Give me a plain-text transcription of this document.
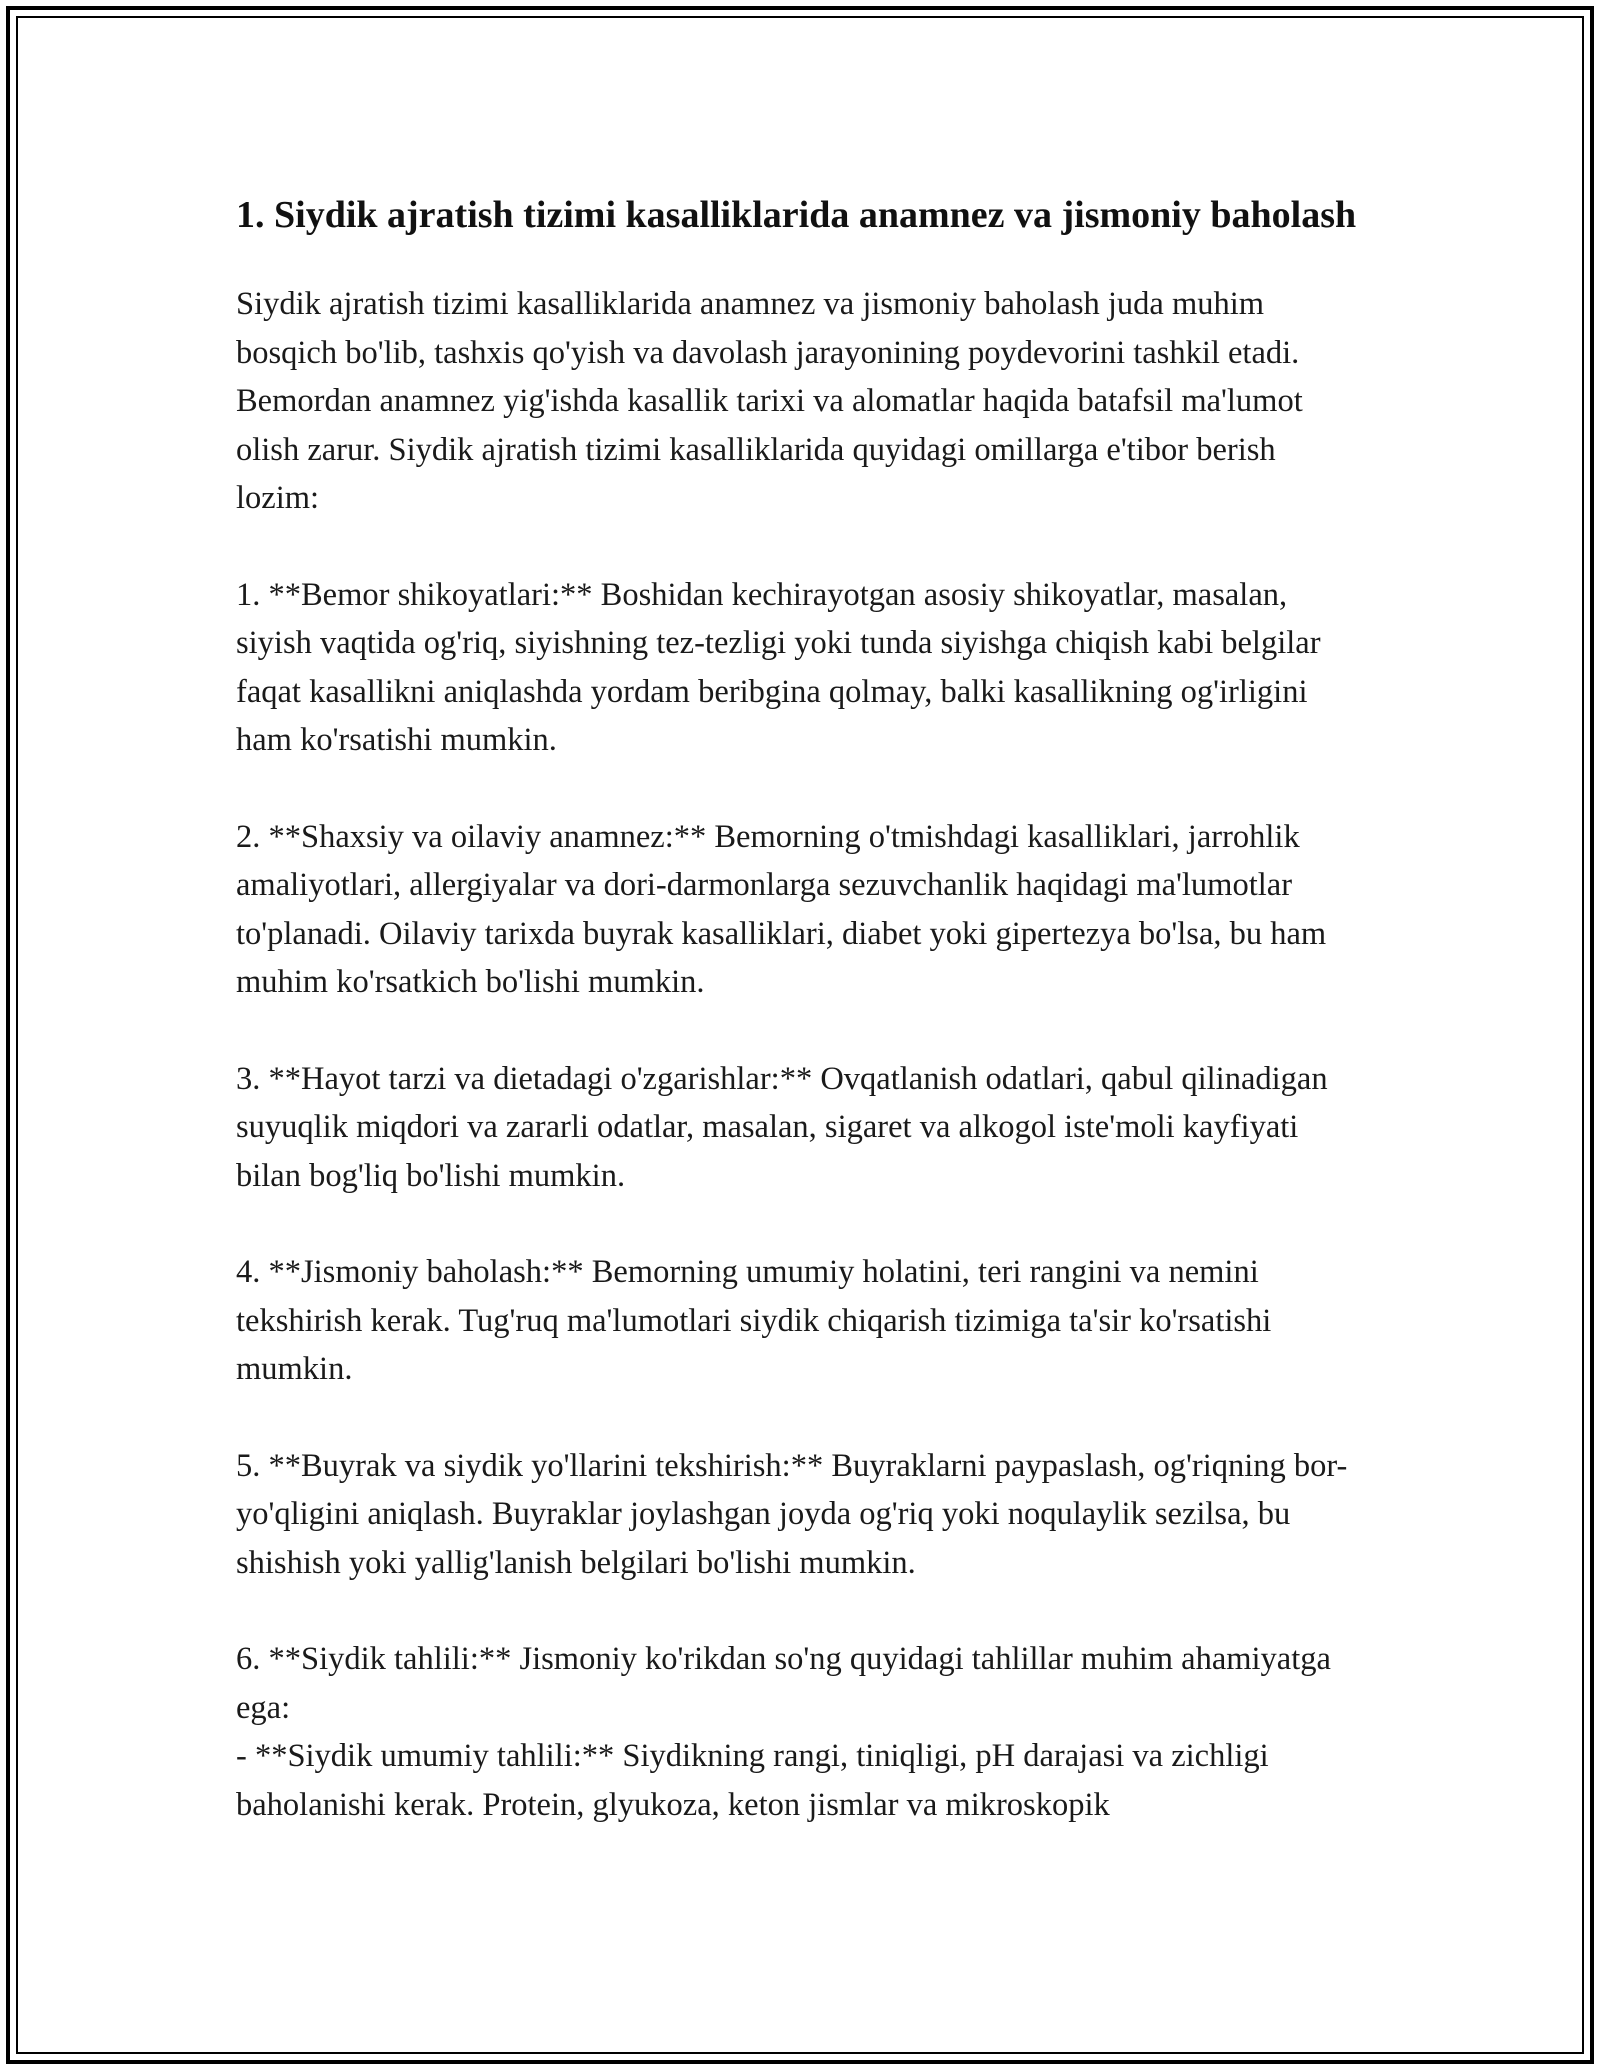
1. Siydik ajratish tizimi kasalliklarida anamnez va jismoniy baholash

Siydik ajratish tizimi kasalliklarida anamnez va jismoniy baholash juda muhim bosqich bo'lib, tashxis qo'yish va davolash jarayonining poydevorini tashkil etadi. Bemordan anamnez yig'ishda kasallik tarixi va alomatlar haqida batafsil ma'lumot olish zarur. Siydik ajratish tizimi kasalliklarida quyidagi omillarga e'tibor berish lozim:

1. **Bemor shikoyatlari:** Boshidan kechirayotgan asosiy shikoyatlar, masalan, siyish vaqtida og'riq, siyishning tez-tezligi yoki tunda siyishga chiqish kabi belgilar faqat kasallikni aniqlashda yordam beribgina qolmay, balki kasallikning og'irligini ham ko'rsatishi mumkin.

2. **Shaxsiy va oilaviy anamnez:** Bemorning o'tmishdagi kasalliklari, jarrohlik amaliyotlari, allergiyalar va dori-darmonlarga sezuvchanlik haqidagi ma'lumotlar to'planadi. Oilaviy tarixda buyrak kasalliklari, diabet yoki gipertezya bo'lsa, bu ham muhim ko'rsatkich bo'lishi mumkin.

3. **Hayot tarzi va dietadagi o'zgarishlar:** Ovqatlanish odatlari, qabul qilinadigan suyuqlik miqdori va zararli odatlar, masalan, sigaret va alkogol iste'moli kayfiyati bilan bog'liq bo'lishi mumkin.

4. **Jismoniy baholash:** Bemorning umumiy holatini, teri rangini va nemini tekshirish kerak. Tug'ruq ma'lumotlari siydik chiqarish tizimiga ta'sir ko'rsatishi mumkin.

5. **Buyrak va siydik yo'llarini tekshirish:** Buyraklarni paypaslash, og'riqning bor-yo'qligini aniqlash. Buyraklar joylashgan joyda og'riq yoki noqulaylik sezilsa, bu shishish yoki yallig'lanish belgilari bo'lishi mumkin.

6. **Siydik tahlili:** Jismoniy ko'rikdan so'ng quyidagi tahlillar muhim ahamiyatga ega:
- **Siydik umumiy tahlili:** Siydikning rangi, tiniqligi, pH darajasi va zichligi baholanishi kerak. Protein, glyukoza, keton jismlar va mikroskopik
